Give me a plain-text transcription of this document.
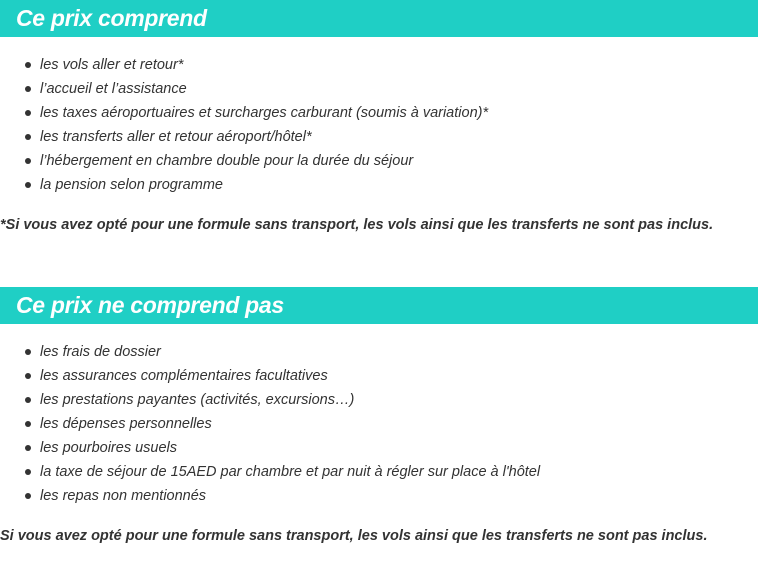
Ce prix comprend
les vols aller et retour*
l’accueil et l’assistance
les taxes aéroportuaires et surcharges carburant (soumis à variation)*
les transferts aller et retour aéroport/hôtel*
l’hébergement en chambre double pour la durée du séjour
la pension selon programme
*Si vous avez opté pour une formule sans transport, les vols ainsi que les transferts ne sont pas inclus.
Ce prix ne comprend pas
les frais de dossier
les assurances complémentaires facultatives
les prestations payantes (activités, excursions…)
les dépenses personnelles
les pourboires usuels
la taxe de séjour de 15AED par chambre et par nuit à régler sur place à l'hôtel
les repas non mentionnés
Si vous avez opté pour une formule sans transport, les vols ainsi que les transferts ne sont pas inclus.
